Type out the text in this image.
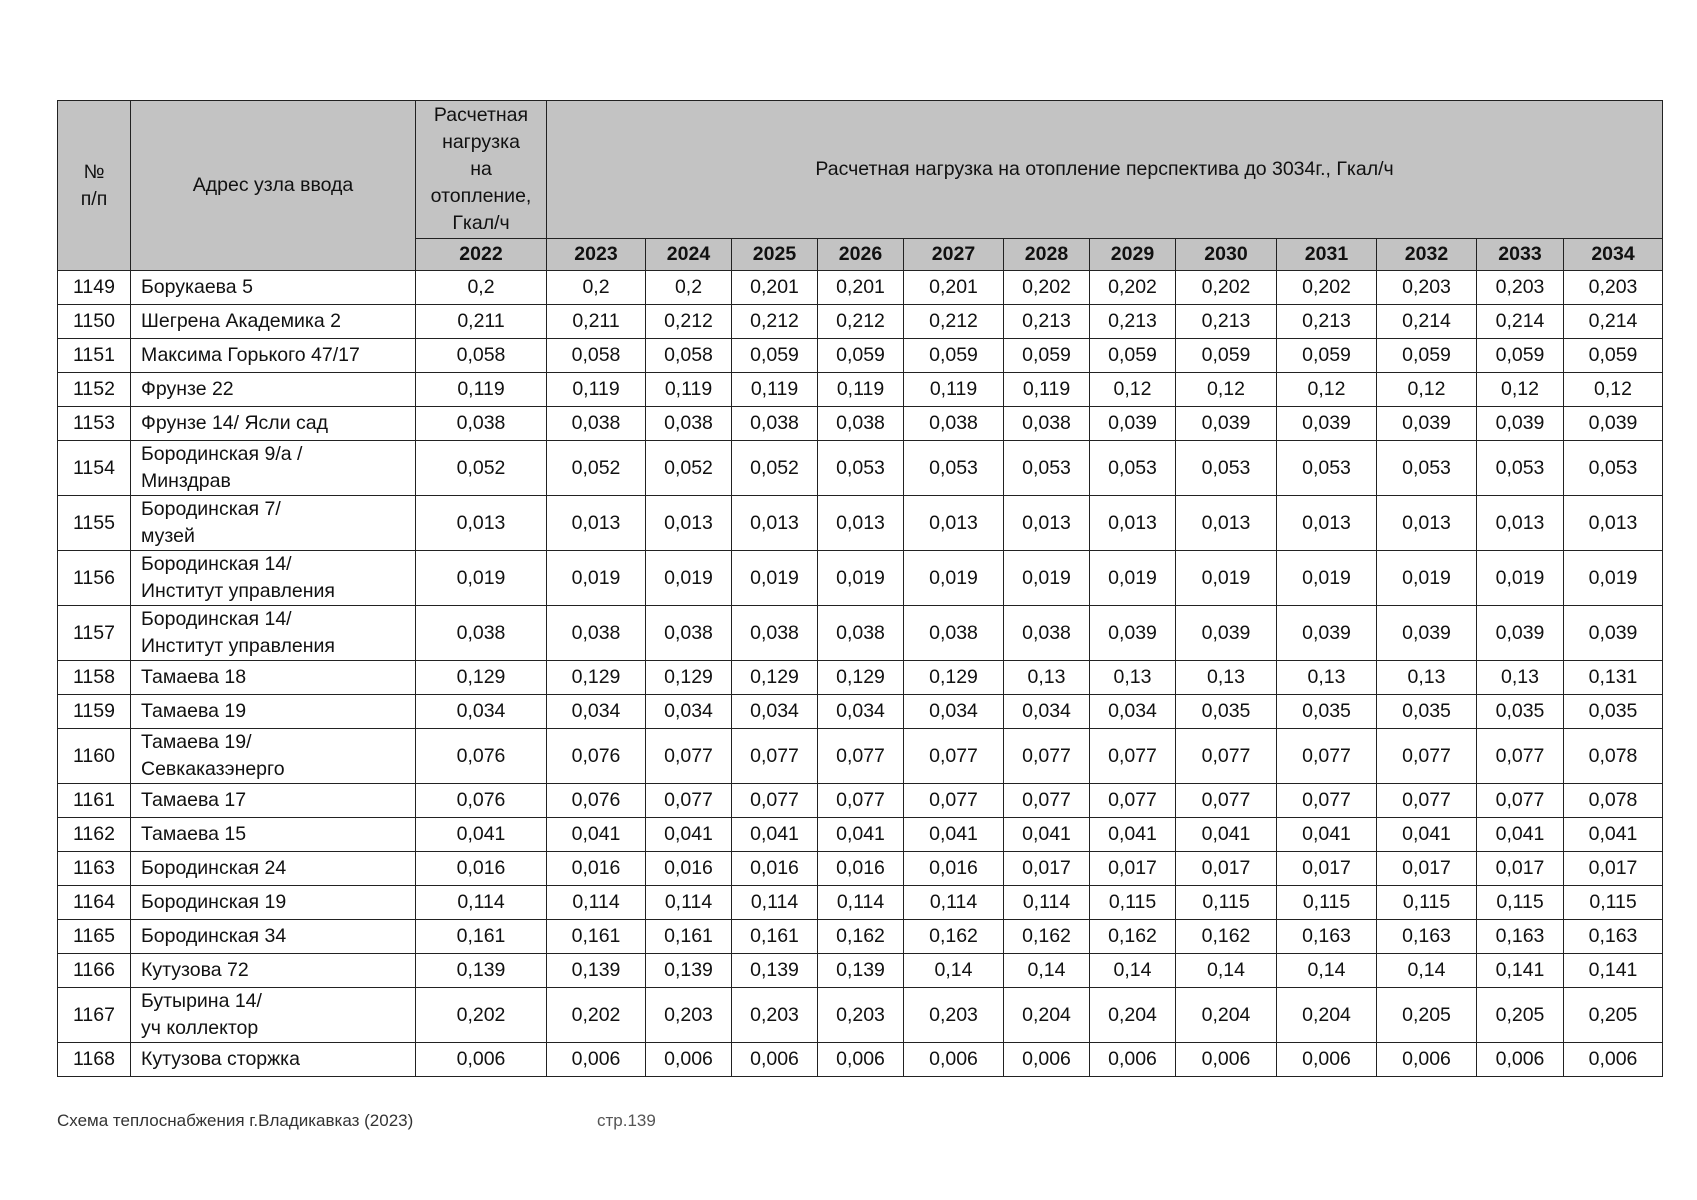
№
п/п	Адрес узла ввода	Расчетная
нагрузка
на
отопление,
Гкал/ч	Расчетная нагрузка на отопление перспектива до 3034г., Гкал/ч											
		2022	2023	2024	2025	2026	2027	2028	2029	2030	2031	2032	2033	2034
1149	Борукаева 5	0,2	0,2	0,2	0,201	0,201	0,201	0,202	0,202	0,202	0,202	0,203	0,203	0,203
1150	Шегрена Академика 2	0,211	0,211	0,212	0,212	0,212	0,212	0,213	0,213	0,213	0,213	0,214	0,214	0,214
1151	Максима Горького 47/17	0,058	0,058	0,058	0,059	0,059	0,059	0,059	0,059	0,059	0,059	0,059	0,059	0,059
1152	Фрунзе 22	0,119	0,119	0,119	0,119	0,119	0,119	0,119	0,12	0,12	0,12	0,12	0,12	0,12
1153	Фрунзе 14/ Ясли сад	0,038	0,038	0,038	0,038	0,038	0,038	0,038	0,039	0,039	0,039	0,039	0,039	0,039
1154	Бородинская 9/а /
Минздрав	0,052	0,052	0,052	0,052	0,053	0,053	0,053	0,053	0,053	0,053	0,053	0,053	0,053
1155	Бородинская 7/
музей	0,013	0,013	0,013	0,013	0,013	0,013	0,013	0,013	0,013	0,013	0,013	0,013	0,013
1156	Бородинская 14/
Институт управления	0,019	0,019	0,019	0,019	0,019	0,019	0,019	0,019	0,019	0,019	0,019	0,019	0,019
1157	Бородинская 14/
Институт управления	0,038	0,038	0,038	0,038	0,038	0,038	0,038	0,039	0,039	0,039	0,039	0,039	0,039
1158	Тамаева 18	0,129	0,129	0,129	0,129	0,129	0,129	0,13	0,13	0,13	0,13	0,13	0,13	0,131
1159	Тамаева 19	0,034	0,034	0,034	0,034	0,034	0,034	0,034	0,034	0,035	0,035	0,035	0,035	0,035
1160	Тамаева 19/
Севкаказэнерго	0,076	0,076	0,077	0,077	0,077	0,077	0,077	0,077	0,077	0,077	0,077	0,077	0,078
1161	Тамаева 17	0,076	0,076	0,077	0,077	0,077	0,077	0,077	0,077	0,077	0,077	0,077	0,077	0,078
1162	Тамаева 15	0,041	0,041	0,041	0,041	0,041	0,041	0,041	0,041	0,041	0,041	0,041	0,041	0,041
1163	Бородинская 24	0,016	0,016	0,016	0,016	0,016	0,016	0,017	0,017	0,017	0,017	0,017	0,017	0,017
1164	Бородинская 19	0,114	0,114	0,114	0,114	0,114	0,114	0,114	0,115	0,115	0,115	0,115	0,115	0,115
1165	Бородинская 34	0,161	0,161	0,161	0,161	0,162	0,162	0,162	0,162	0,162	0,163	0,163	0,163	0,163
1166	Кутузова 72	0,139	0,139	0,139	0,139	0,139	0,14	0,14	0,14	0,14	0,14	0,14	0,141	0,141
1167	Бутырина 14/
уч коллектор	0,202	0,202	0,203	0,203	0,203	0,203	0,204	0,204	0,204	0,204	0,205	0,205	0,205
1168	Кутузова сторжка	0,006	0,006	0,006	0,006	0,006	0,006	0,006	0,006	0,006	0,006	0,006	0,006	0,006
Схема теплоснабжения г.Владикавказ (2023)	стр.139
